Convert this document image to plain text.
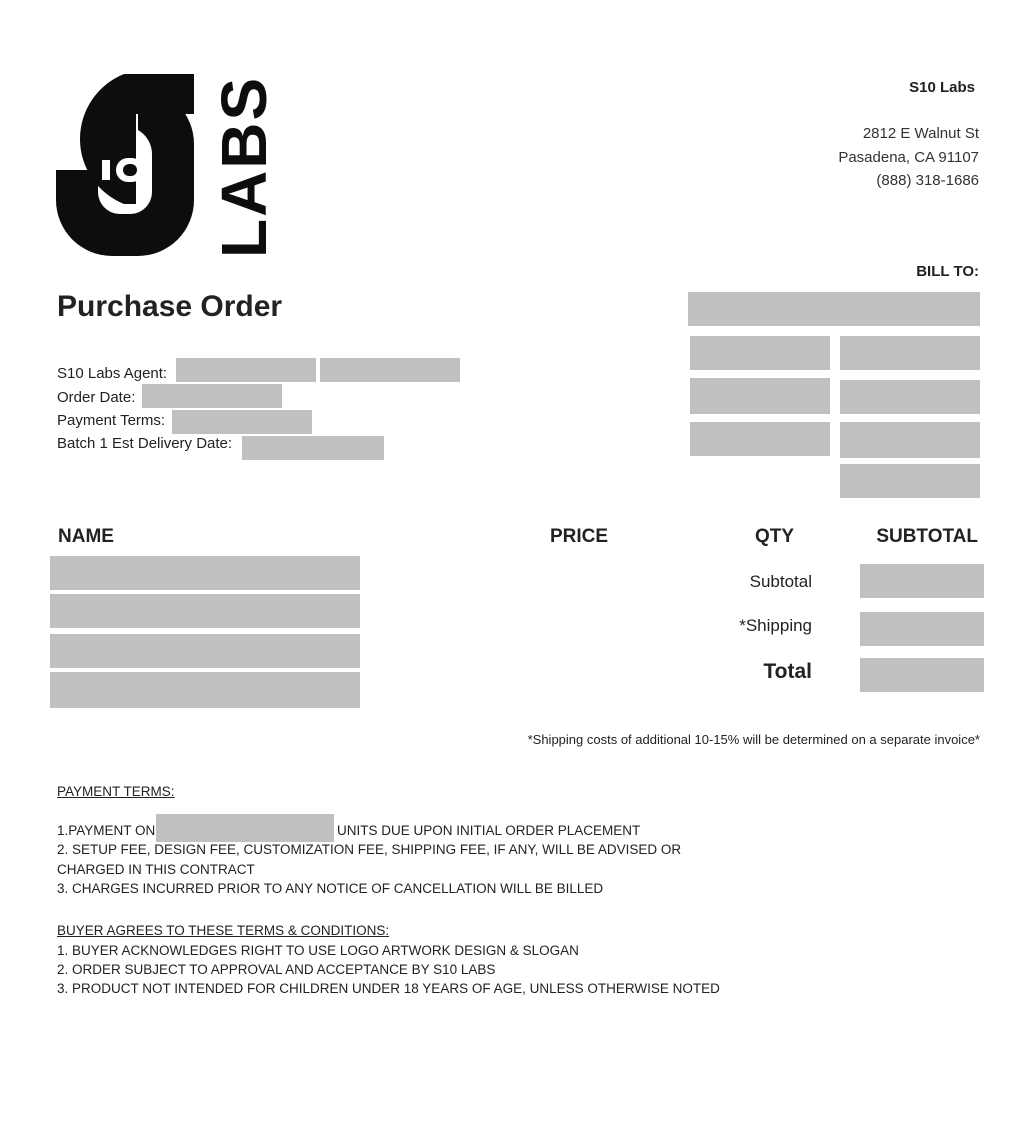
LABS	S10 Labs
2812 E Walnut St
Pasadena, CA 91107
(888) 318-1686
BILL TO:
Purchase Order
S10 Labs Agent:
Order Date:
Payment Terms:
Batch 1 Est Delivery Date:
NAME	PRICE	QTY	SUBTOTAL
Subtotal
*Shipping
Total
*Shipping costs of additional 10-15% will be determined on a separate invoice*
PAYMENT TERMS:
1.PAYMENT ON	UNITS DUE UPON INITIAL ORDER PLACEMENT
2. SETUP FEE, DESIGN FEE, CUSTOMIZATION FEE, SHIPPING FEE, IF ANY, WILL BE ADVISED OR
CHARGED IN THIS CONTRACT
3. CHARGES INCURRED PRIOR TO ANY NOTICE OF CANCELLATION WILL BE BILLED
BUYER AGREES TO THESE TERMS & CONDITIONS:
1. BUYER ACKNOWLEDGES RIGHT TO USE LOGO ARTWORK DESIGN & SLOGAN
2. ORDER SUBJECT TO APPROVAL AND ACCEPTANCE BY S10 LABS
3. PRODUCT NOT INTENDED FOR CHILDREN UNDER 18 YEARS OF AGE, UNLESS OTHERWISE NOTED
